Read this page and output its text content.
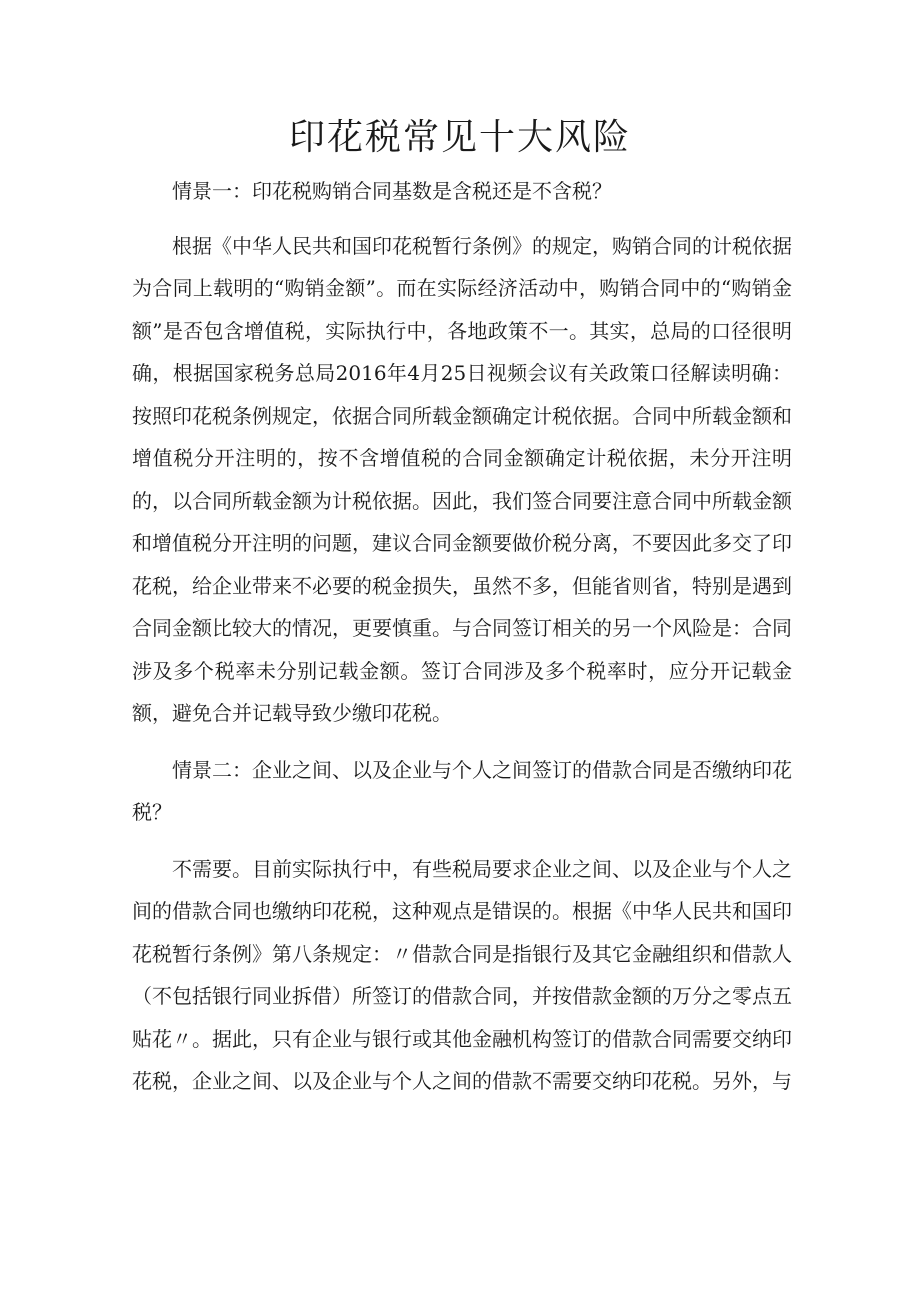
印花税常见十大风险

情景一：印花税购销合同基数是含税还是不含税？

根据《中华人民共和国印花税暂行条例》的规定，购销合同的计税依据为合同上载明的“购销金额”。而在实际经济活动中，购销合同中的“购销金额”是否包含增值税，实际执行中，各地政策不一。其实，总局的口径很明确，根据国家税务总局2016年4月25日视频会议有关政策口径解读明确：按照印花税条例规定，依据合同所载金额确定计税依据。合同中所载金额和增值税分开注明的，按不含增值税的合同金额确定计税依据，未分开注明的，以合同所载金额为计税依据。因此，我们签合同要注意合同中所载金额和增值税分开注明的问题，建议合同金额要做价税分离，不要因此多交了印花税，给企业带来不必要的税金损失，虽然不多，但能省则省，特别是遇到合同金额比较大的情况，更要慎重。与合同签订相关的另一个风险是：合同涉及多个税率未分别记载金额。签订合同涉及多个税率时，应分开记载金额，避免合并记载导致少缴印花税。

情景二：企业之间、以及企业与个人之间签订的借款合同是否缴纳印花税？

不需要。目前实际执行中，有些税局要求企业之间、以及企业与个人之间的借款合同也缴纳印花税，这种观点是错误的。根据《中华人民共和国印花税暂行条例》第八条规定：〃借款合同是指银行及其它金融组织和借款人（不包括银行同业拆借）所签订的借款合同，并按借款金额的万分之零点五贴花〃。据此，只有企业与银行或其他金融机构签订的借款合同需要交纳印花税，企业之间、以及企业与个人之间的借款不需要交纳印花税。另外，与
